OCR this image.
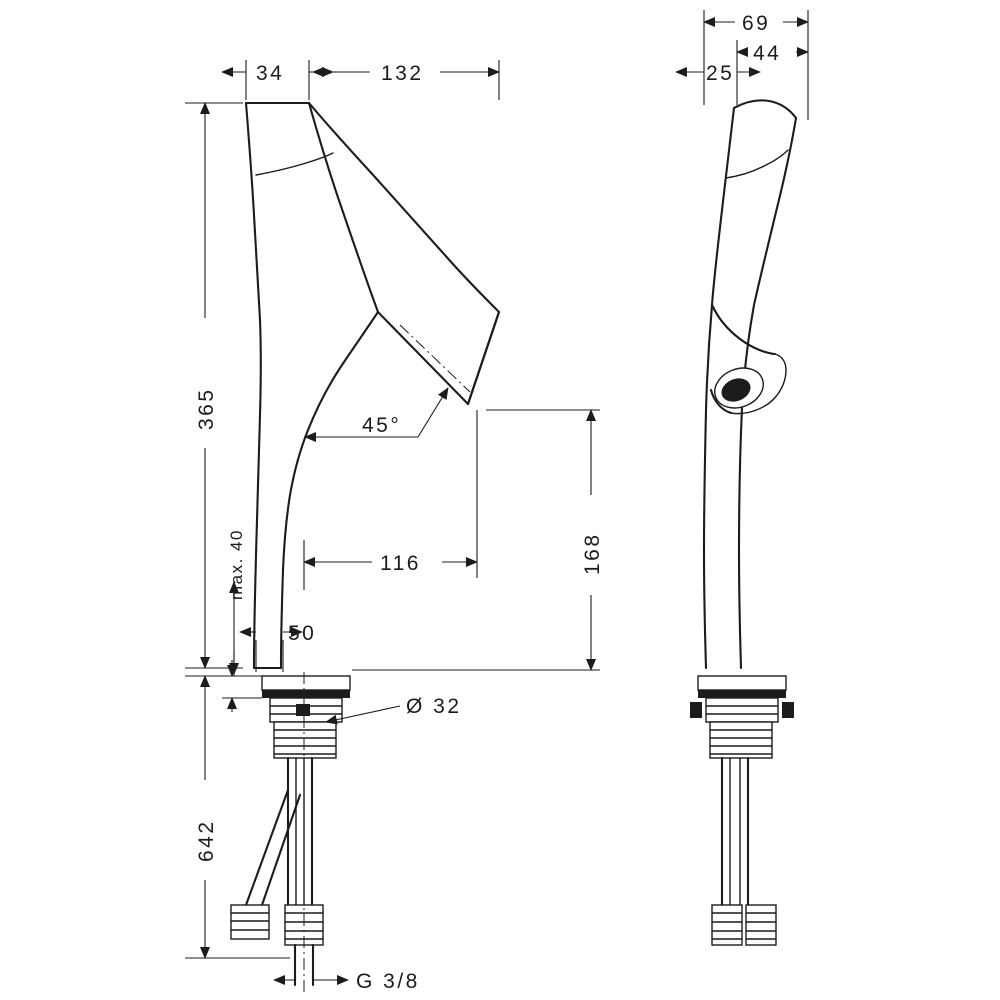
34	132
365
168
116
50
45°
max. 40
Ø 32
642
G 3/8
69
44
25
